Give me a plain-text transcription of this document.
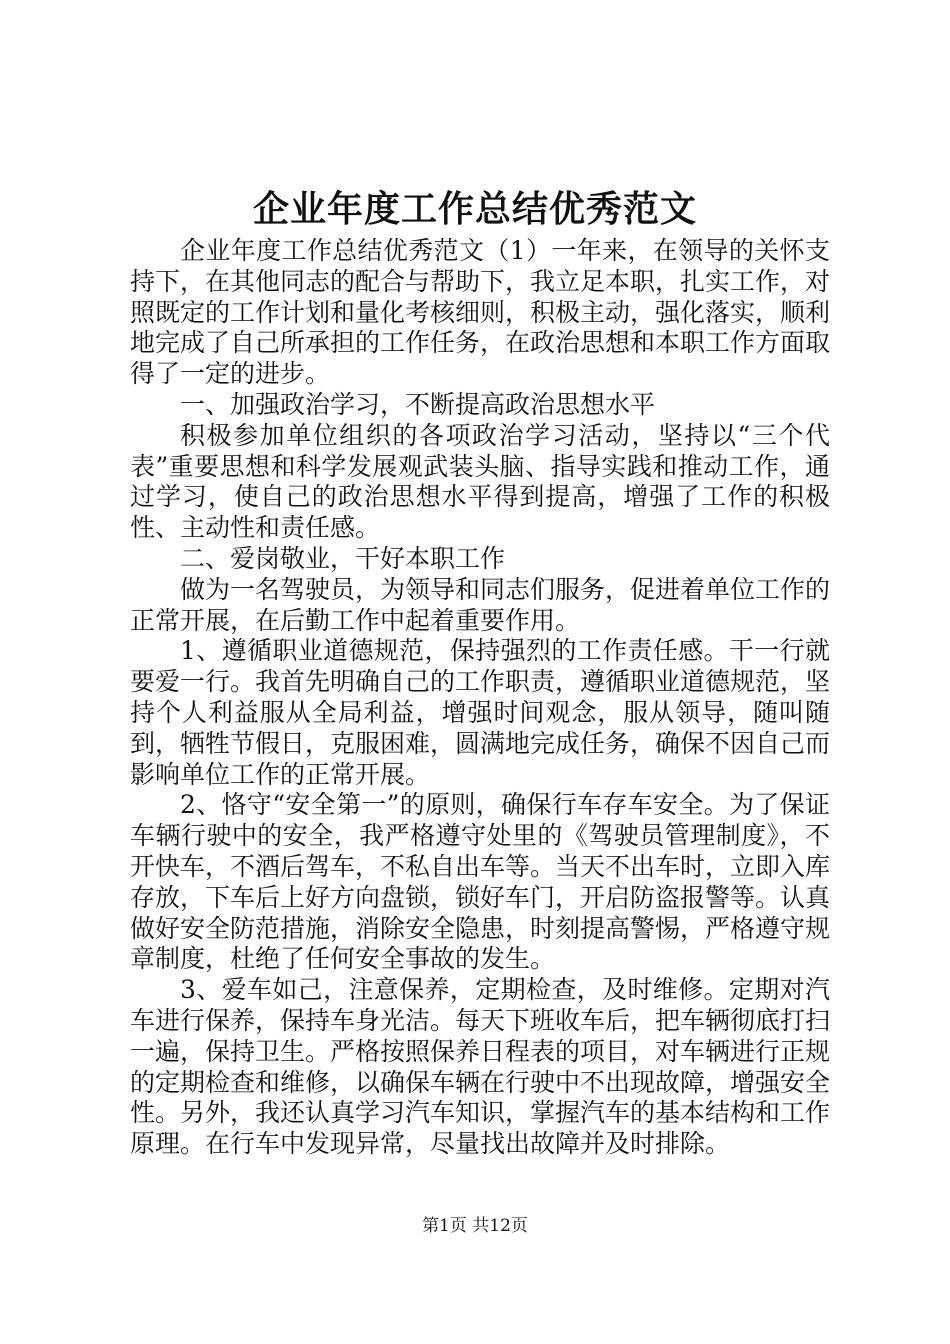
企业年度工作总结优秀范文

企业年度工作总结优秀范文（1）一年来，在领导的关怀支持下，在其他同志的配合与帮助下，我立足本职，扎实工作，对照既定的工作计划和量化考核细则，积极主动，强化落实，顺利地完成了自己所承担的工作任务，在政治思想和本职工作方面取得了一定的进步。

一、加强政治学习，不断提高政治思想水平

积极参加单位组织的各项政治学习活动，坚持以“三个代表”重要思想和科学发展观武装头脑、指导实践和推动工作，通过学习，使自己的政治思想水平得到提高，增强了工作的积极性、主动性和责任感。

二、爱岗敬业，干好本职工作

做为一名驾驶员，为领导和同志们服务，促进着单位工作的正常开展，在后勤工作中起着重要作用。

1、遵循职业道德规范，保持强烈的工作责任感。干一行就要爱一行。我首先明确自己的工作职责，遵循职业道德规范，坚持个人利益服从全局利益，增强时间观念，服从领导，随叫随到，牺牲节假日，克服困难，圆满地完成任务，确保不因自己而影响单位工作的正常开展。

2、恪守“安全第一”的原则，确保行车存车安全。为了保证车辆行驶中的安全，我严格遵守处里的《驾驶员管理制度》，不开快车，不酒后驾车，不私自出车等。当天不出车时，立即入库存放，下车后上好方向盘锁，锁好车门，开启防盗报警等。认真做好安全防范措施，消除安全隐患，时刻提高警惕，严格遵守规章制度，杜绝了任何安全事故的发生。

3、爱车如己，注意保养，定期检查，及时维修。定期对汽车进行保养，保持车身光洁。每天下班收车后，把车辆彻底打扫一遍，保持卫生。严格按照保养日程表的项目，对车辆进行正规的定期检查和维修，以确保车辆在行驶中不出现故障，增强安全性。另外，我还认真学习汽车知识，掌握汽车的基本结构和工作原理。在行车中发现异常，尽量找出故障并及时排除。

第1页 共12页
